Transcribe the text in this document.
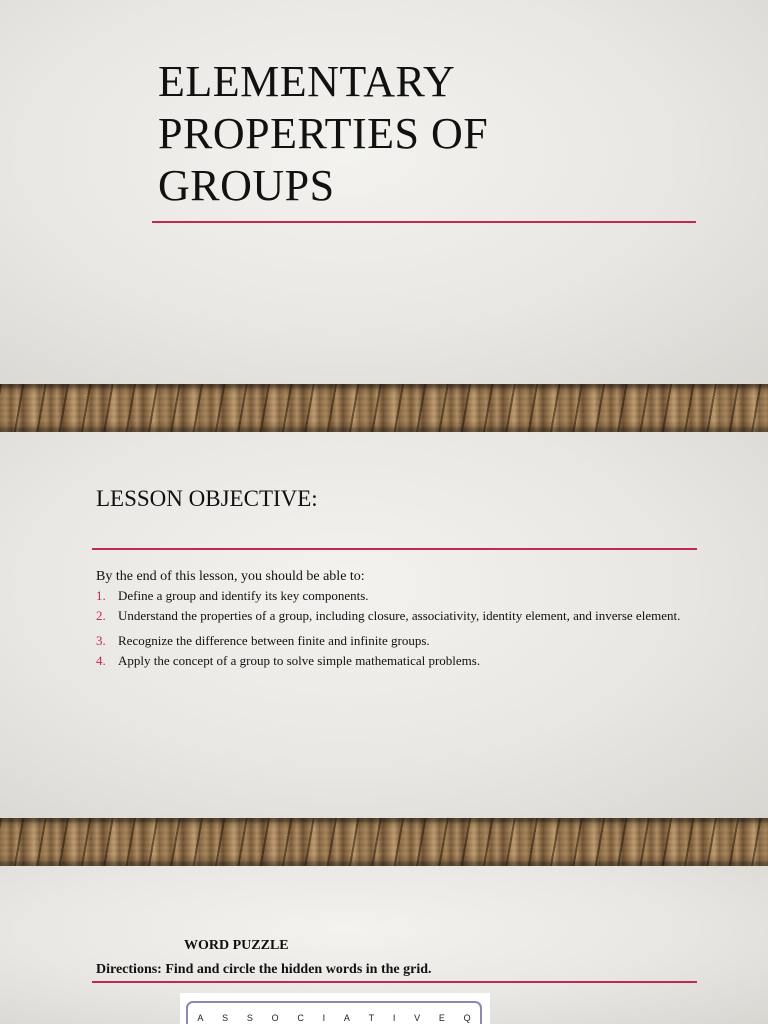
ELEMENTARY
PROPERTIES OF
GROUPS
LESSON OBJECTIVE:

By the end of this lesson, you should be able to:

1. Define a group and identify its key components.
2. Understand the properties of a group, including closure, associativity, identity element, and inverse element.
3. Recognize the difference between finite and infinite groups.
4. Apply the concept of a group to solve simple mathematical problems.

WORD PUZZLE

Directions: Find and circle the hidden words in the grid.

A S S O C I A T I V E Q
